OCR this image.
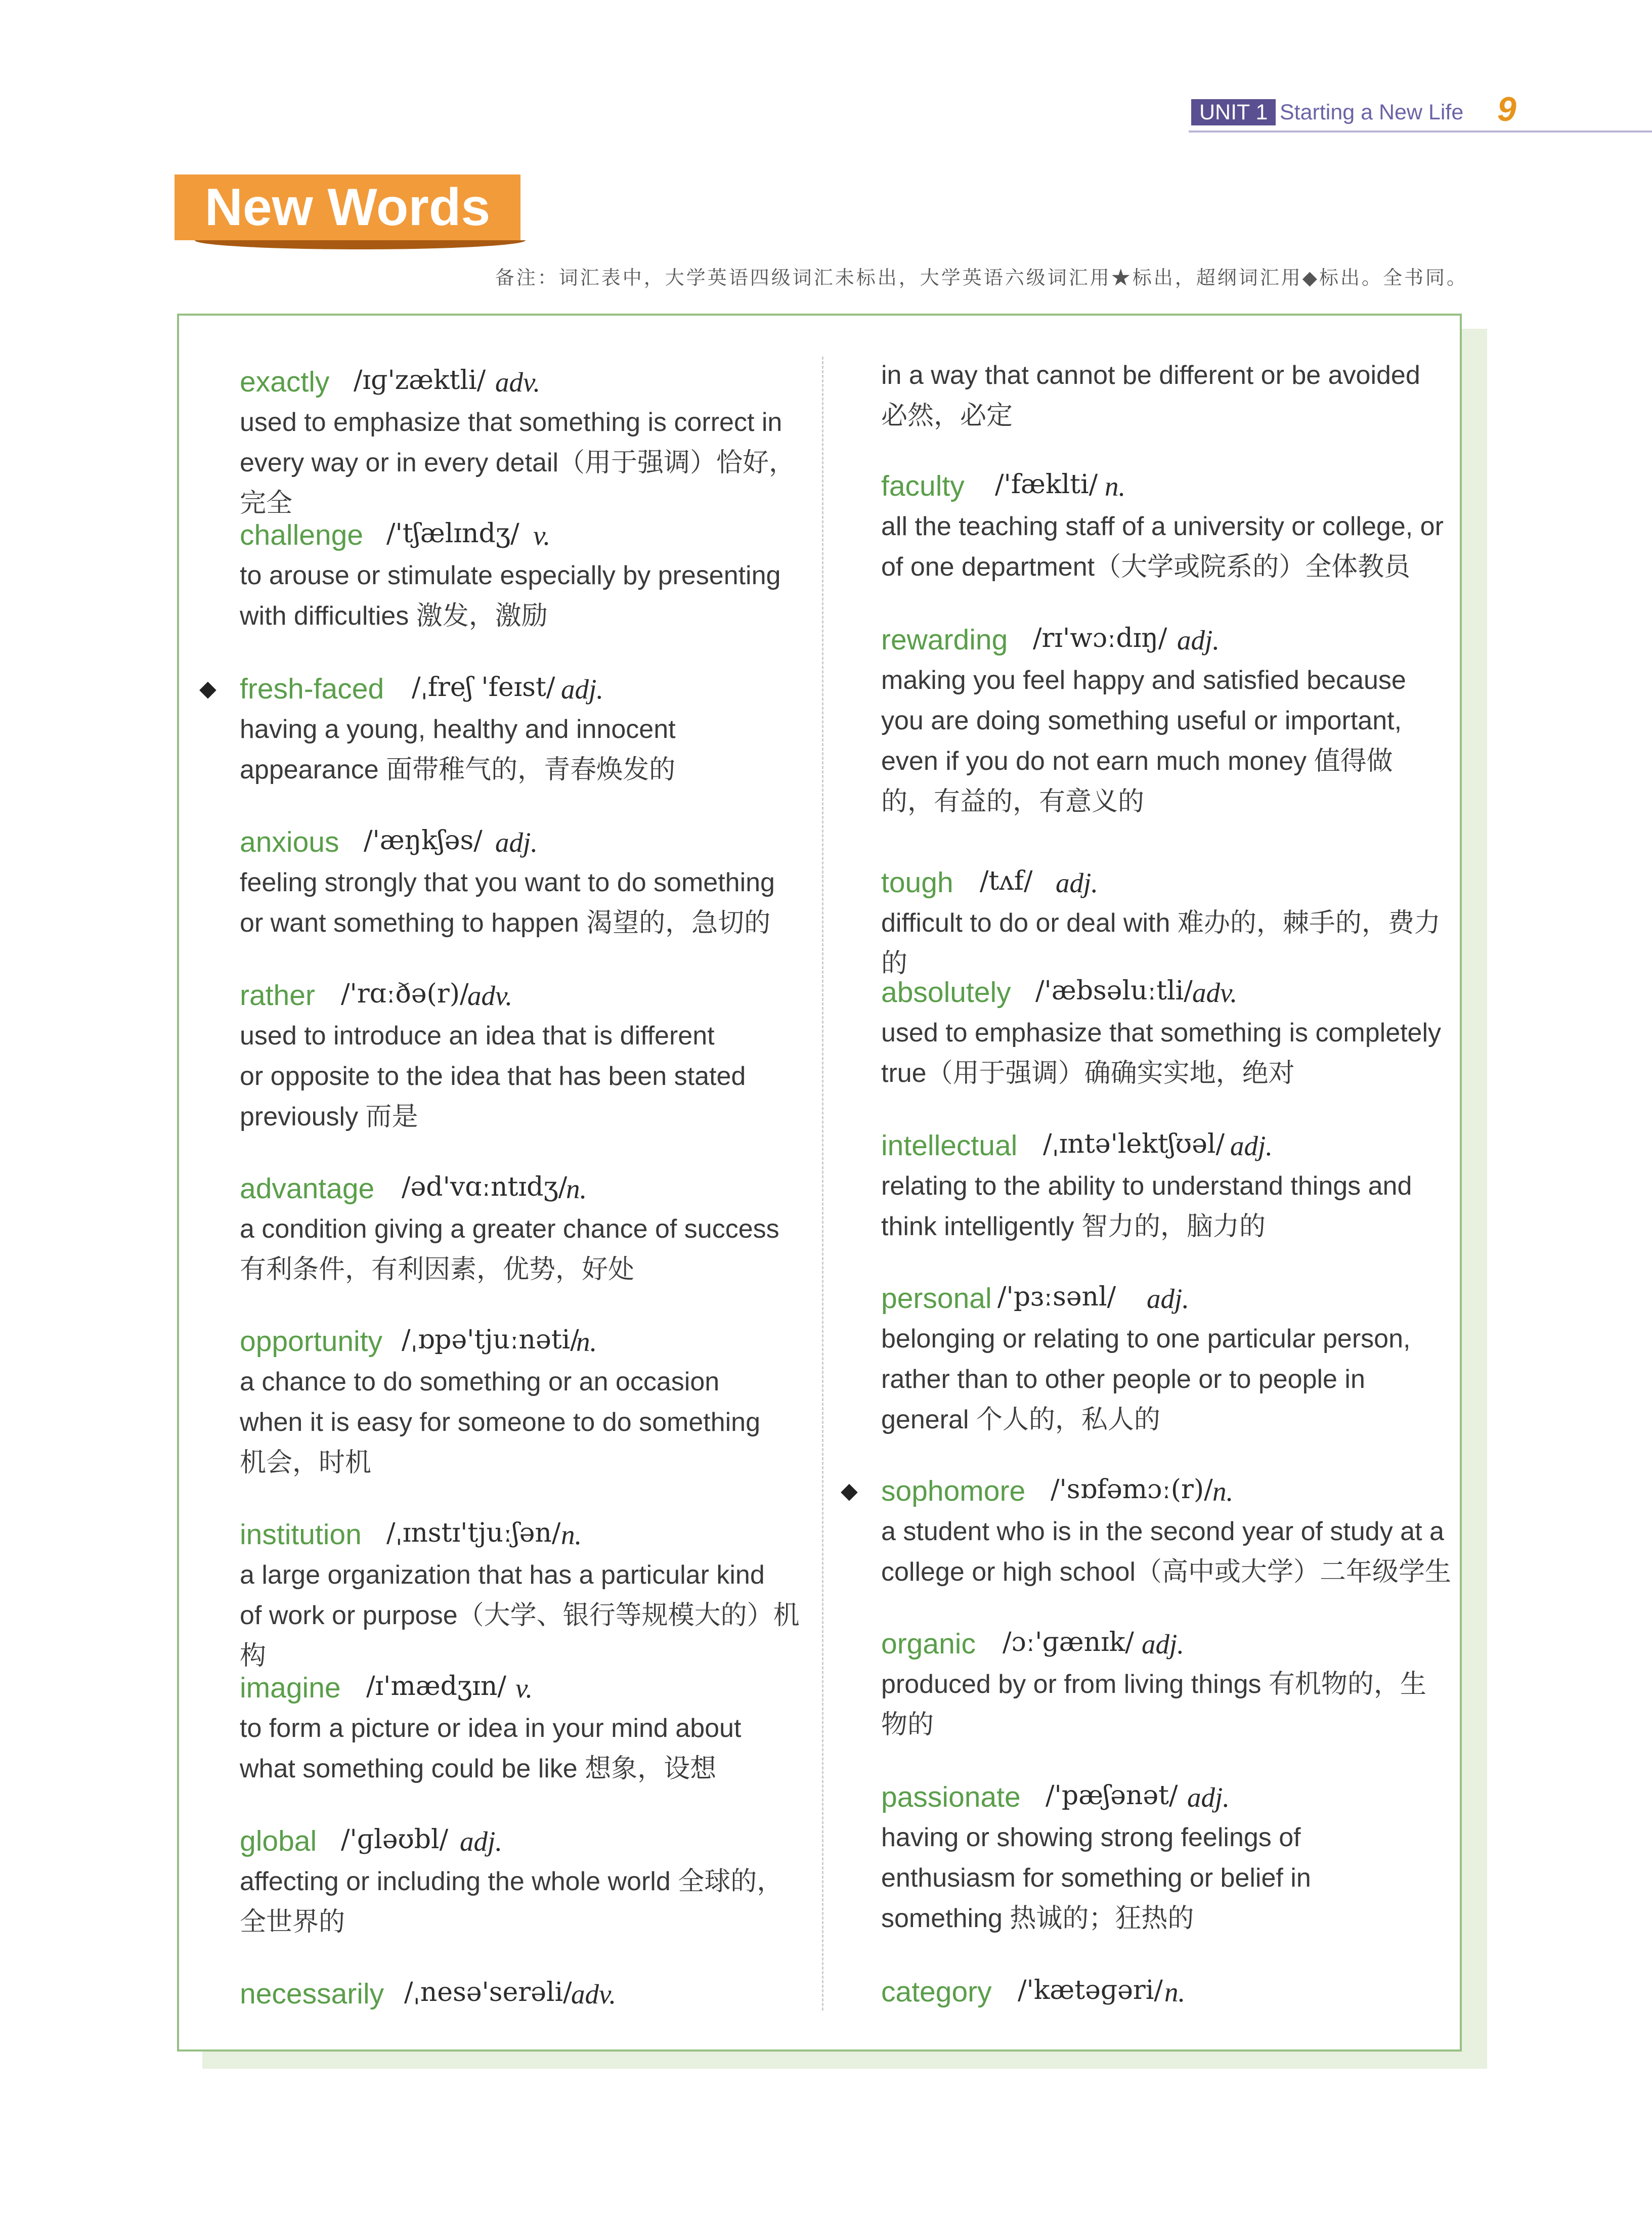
UNIT 1 Starting a New Life 9
New Words
备注：词汇表中，大学英语四级词汇未标出，大学英语六级词汇用★标出，超纲词汇用◆标出。全书同。
exactly /ɪɡ'zæktli/ adv.
used to emphasize that something is correct in
every way or in every detail（用于强调）恰好，完全
challenge /'tʃælɪndʒ/ v.
to arouse or stimulate especially by presenting
with difficulties 激发，激励
◆ fresh-faced /ˌfreʃ 'feɪst/ adj.
having a young, healthy and innocent
appearance 面带稚气的，青春焕发的
anxious /'æŋkʃəs/ adj.
feeling strongly that you want to do something
or want something to happen 渴望的，急切的
rather /'rɑːðə(r)/
adv.
used to introduce an idea that is different
or opposite to the idea that has been stated
previously 而是
advantage /əd'vɑːntɪdʒ/
n.
a condition giving a greater chance of success
有利条件，有利因素，优势，好处
opportunity /ˌɒpə'tjuːnəti/
n.
a chance to do something or an occasion
when it is easy for someone to do something
机会，时机
institution /ˌɪnstɪ'tjuːʃən/ n.
a large organization that has a particular kind
of work or purpose（大学、银行等规模大的）机构
imagine /ɪ'mædʒɪn/ v.
to form a picture or idea in your mind about
what something could be like 想象，设想
global /'ɡləʊbl/ adj.
affecting or including the whole world 全球的，
全世界的
necessarily /ˌnesə'serəli/
adv.
in a way that cannot be different or be avoided
必然，必定
faculty /'fækltі/ n.
all the teaching staff of a university or college, or
of one department（大学或院系的）全体教员
rewarding /rɪ'wɔːdɪŋ/ adj.
making you feel happy and satisfied because
you are doing something useful or important,
even if you do not earn much money 值得做
的，有益的，有意义的
tough /tʌf/ adj.
difficult to do or deal with 难办的，棘手的，费力的
absolutely /'æbsəluːtli/ adv.
used to emphasize that something is completely
true（用于强调）确确实实地，绝对
intellectual /ˌɪntə'lektʃʊəl/ adj.
relating to the ability to understand things and
think intelligently 智力的，脑力的
personal /'pɜːsənl/ adj.
belonging or relating to one particular person,
rather than to other people or to people in
general 个人的，私人的
◆ sophomore /'sɒfəmɔː(r)/ n.
a student who is in the second year of study at a
college or high school（高中或大学）二年级学生
organic /ɔː'ɡænɪk/ adj.
produced by or from living things 有机物的，生
物的
passionate /'pæʃənət/ adj.
having or showing strong feelings of
enthusiasm for something or belief in
something 热诚的；狂热的
category /'kætəɡəri/ n.
